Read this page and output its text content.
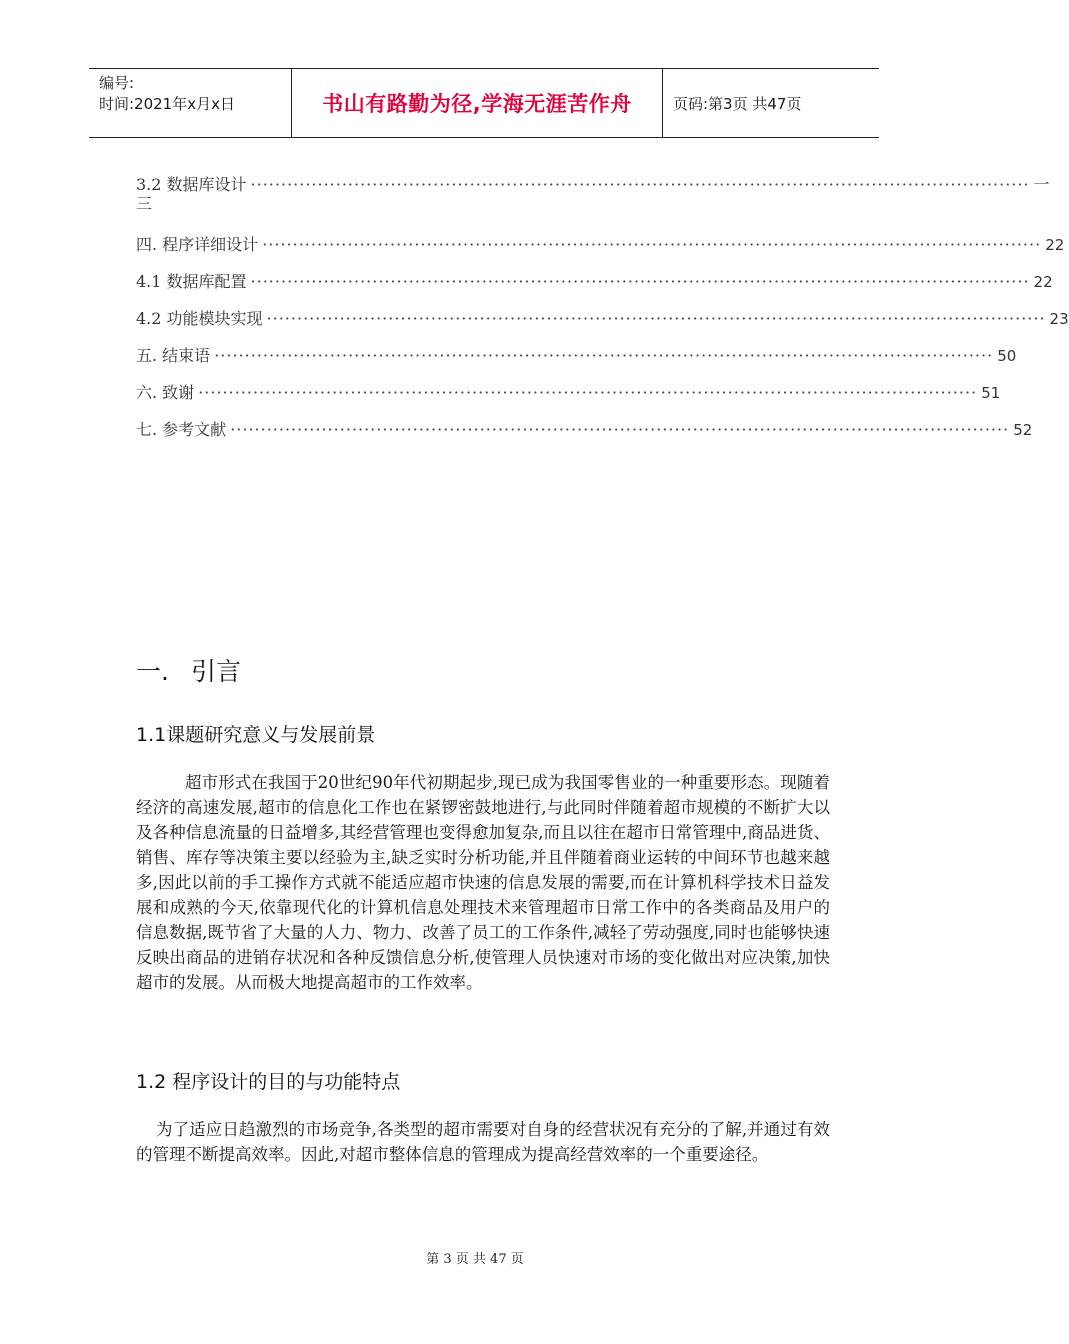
编号:
时间:2021年x月x日	书山有路勤为径,学海无涯苦作舟	页码:第3页 共47页
3.2 数据库设计 ································································································································ 一
三
四. 程序详细设计 ································································································································ 22
4.1 数据库配置 ································································································································ 22
4.2 功能模块实现 ································································································································ 23
五. 结束语 ································································································································ 50
六. 致谢 ································································································································ 51
七. 参考文献 ································································································································ 52
一. 引言
1.1课题研究意义与发展前景
超市形式在我国于20世纪90年代初期起步,现已成为我国零售业的一种重要形态。现随着经济的高速发展,超市的信息化工作也在紧锣密鼓地进行,与此同时伴随着超市规模的不断扩大以及各种信息流量的日益增多,其经营管理也变得愈加复杂,而且以往在超市日常管理中,商品进货、销售、库存等决策主要以经验为主,缺乏实时分析功能,并且伴随着商业运转的中间环节也越来越多,因此以前的手工操作方式就不能适应超市快速的信息发展的需要,而在计算机科学技术日益发展和成熟的今天,依靠现代化的计算机信息处理技术来管理超市日常工作中的各类商品及用户的信息数据,既节省了大量的人力、物力、改善了员工的工作条件,减轻了劳动强度,同时也能够快速反映出商品的进销存状况和各种反馈信息分析,使管理人员快速对市场的变化做出对应决策,加快超市的发展。从而极大地提高超市的工作效率。
1.2 程序设计的目的与功能特点
为了适应日趋激烈的市场竞争,各类型的超市需要对自身的经营状况有充分的了解,并通过有效的管理不断提高效率。因此,对超市整体信息的管理成为提高经营效率的一个重要途径。
第 3 页 共 47 页
